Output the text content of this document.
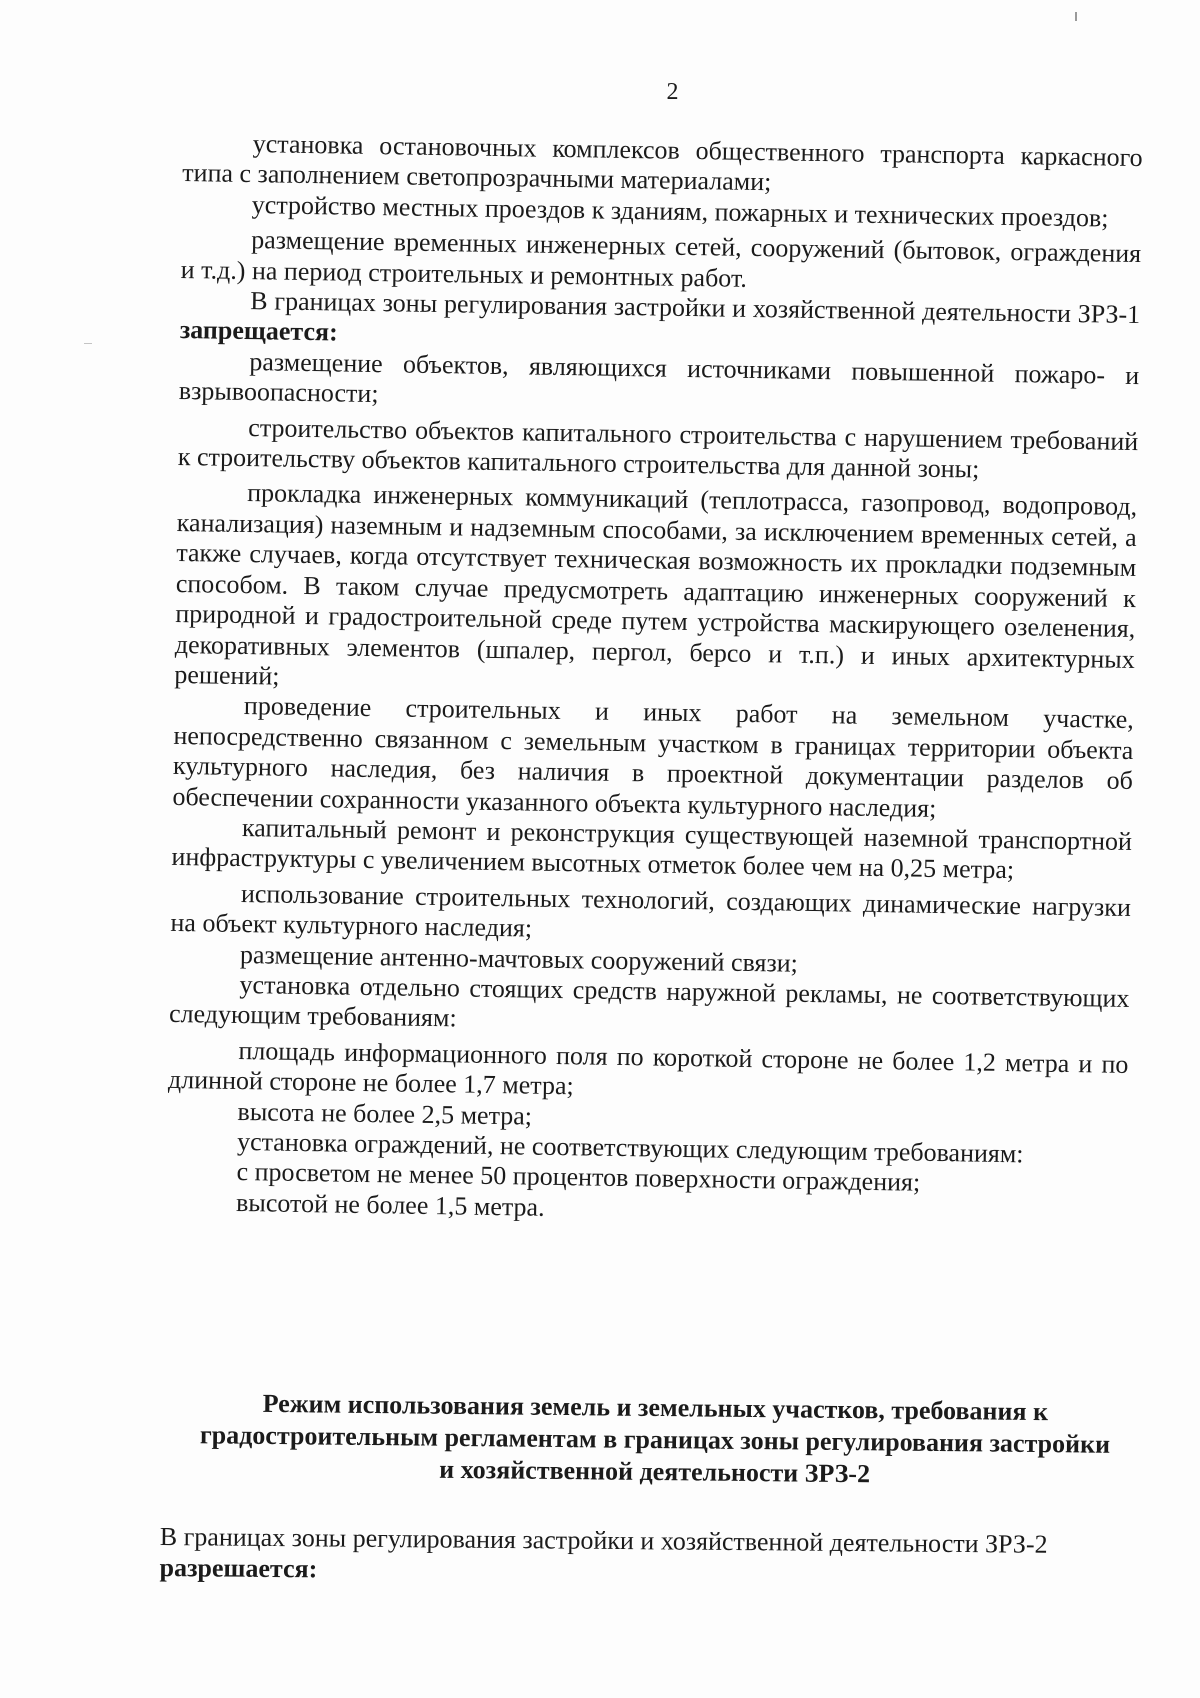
2

установка остановочных комплексов общественного транспорта каркасного типа с заполнением светопрозрачными материалами;

устройство местных проездов к зданиям, пожарных и технических проездов;

размещение временных инженерных сетей, сооружений (бытовок, ограждения и т.д.) на период строительных и ремонтных работ.

В границах зоны регулирования застройки и хозяйственной деятельности ЗРЗ-1 запрещается:

размещение объектов, являющихся источниками повышенной пожаро- и взрывоопасности;

строительство объектов капитального строительства с нарушением требований к строительству объектов капитального строительства для данной зоны;

прокладка инженерных коммуникаций (теплотрасса, газопровод, водопровод, канализация) наземным и надземным способами, за исключением временных сетей, а также случаев, когда отсутствует техническая возможность их прокладки подземным способом. В таком случае предусмотреть адаптацию инженерных сооружений к природной и градостроительной среде путем устройства маскирующего озеленения, декоративных элементов (шпалер, пергол, берсо и т.п.) и иных архитектурных решений;

проведение строительных и иных работ на земельном участке, непосредственно связанном с земельным участком в границах территории объекта культурного наследия, без наличия в проектной документации разделов об обеспечении сохранности указанного объекта культурного наследия;

капитальный ремонт и реконструкция существующей наземной транспортной инфраструктуры с увеличением высотных отметок более чем на 0,25 метра;

использование строительных технологий, создающих динамические нагрузки на объект культурного наследия;

размещение антенно-мачтовых сооружений связи;

установка отдельно стоящих средств наружной рекламы, не соответствующих следующим требованиям:

площадь информационного поля по короткой стороне не более 1,2 метра и по длинной стороне не более 1,7 метра;

высота не более 2,5 метра;

установка ограждений, не соответствующих следующим требованиям:

с просветом не менее 50 процентов поверхности ограждения;

высотой не более 1,5 метра.

Режим использования земель и земельных участков, требования к градостроительным регламентам в границах зоны регулирования застройки и хозяйственной деятельности ЗРЗ-2

В границах зоны регулирования застройки и хозяйственной деятельности ЗРЗ-2 разрешается:
